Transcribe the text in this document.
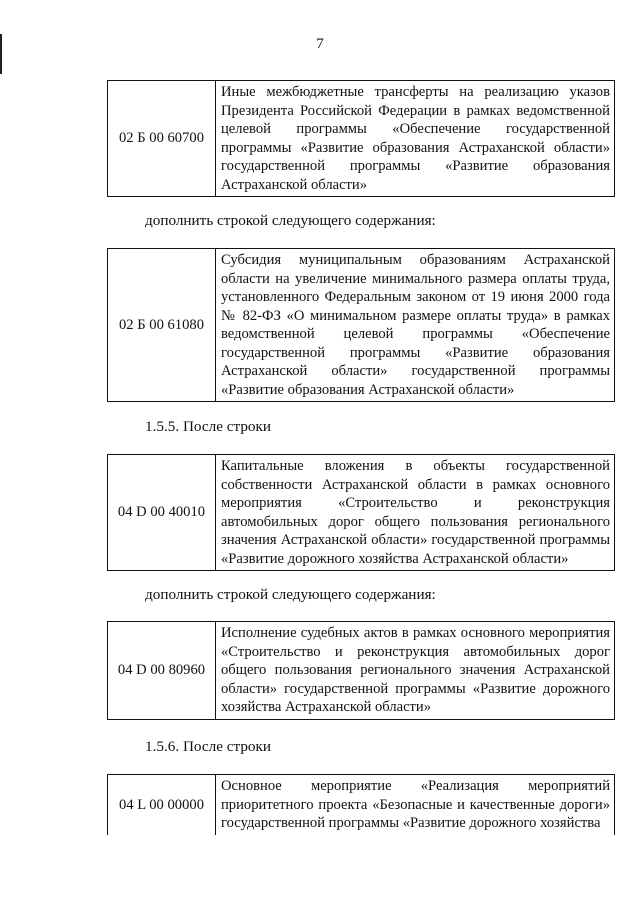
7
02 Б 00 60700	Иные межбюджетные трансферты на реализацию указов Президента Российской Федерации в рамках ведомственной целевой программы «Обеспечение государственной программы «Развитие образования Астраханской области» государственной программы «Развитие образования Астраханской области»
дополнить строкой следующего содержания:
02 Б 00 61080	Субсидия муниципальным образованиям Астраханской области на увеличение минимального размера оплаты труда, установленного Федеральным законом от 19 июня 2000 года № 82-ФЗ «О минимальном размере оплаты труда» в рамках ведомственной целевой программы «Обеспечение государственной программы «Развитие образования Астраханской области» государственной программы «Развитие образования Астраханской области»
1.5.5. После строки
04 D 00 40010	Капитальные вложения в объекты государственной собственности Астраханской области в рамках основного мероприятия «Строительство и реконструкция автомобильных дорог общего пользования регионального значения Астраханской области» государственной программы «Развитие дорожного хозяйства Астраханской области»
дополнить строкой следующего содержания:
04 D 00 80960	Исполнение судебных актов в рамках основного мероприятия «Строительство и реконструкция автомобильных дорог общего пользования регионального значения Астраханской области» государственной программы «Развитие дорожного хозяйства Астраханской области»
1.5.6. После строки
04 L 00 00000	Основное мероприятие «Реализация мероприятий приоритетного проекта «Безопасные и качественные дороги» государственной программы «Развитие дорожного хозяйства
